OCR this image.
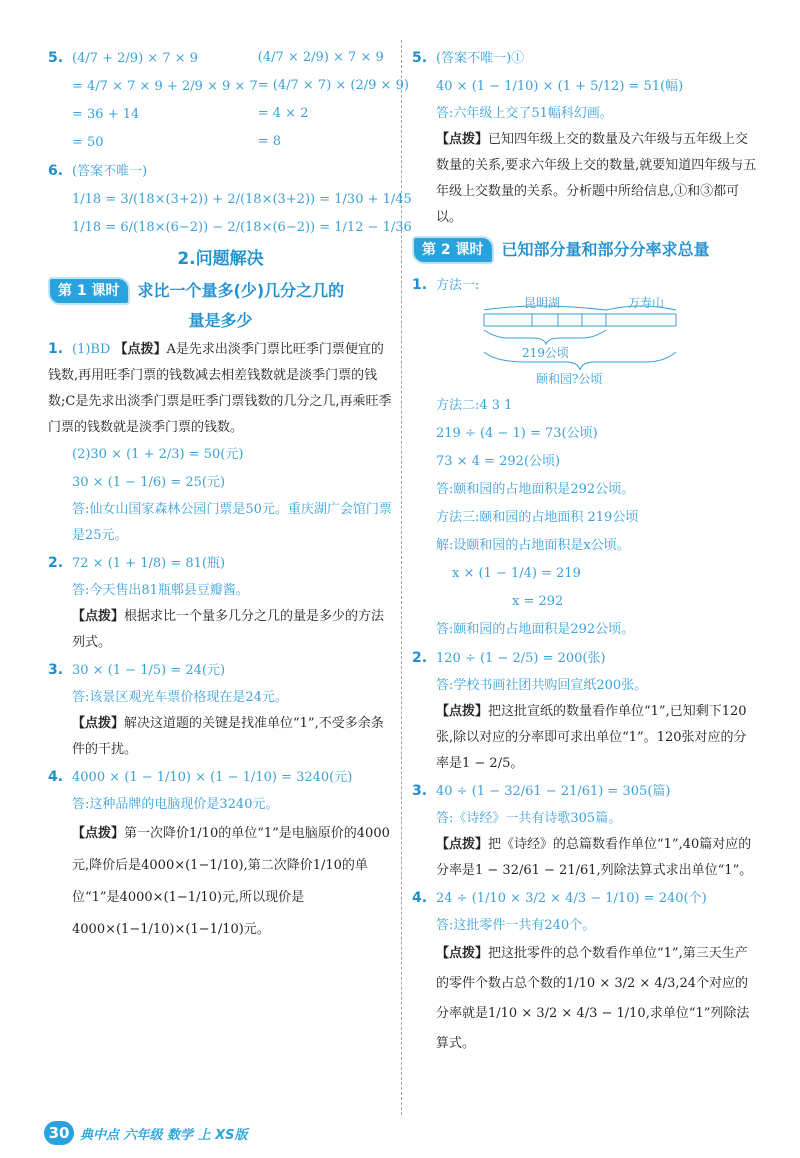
5. (4/7 + 2/9) × 7 × 9
= 4/7 × 7 × 9 + 2/9 × 9 × 7
= 36 + 14
= 50
(4/7 × 2/9) × 7 × 9
= (4/7 × 7) × (2/9 × 9)
= 4 × 2
= 8
6. (答案不唯一)
1/18 = 3/(18×(3+2)) + 2/(18×(3+2)) = 1/30 + 1/45
1/18 = 6/(18×(6−2)) − 2/(18×(6−2)) = 1/12 − 1/36
2.问题解决
第 1 课时	求比一个量多(少)几分之几的
量是多少
1. (1)BD 【点拨】A是先求出淡季门票比旺季门票便宜的钱数,再用旺季门票的钱数减去相差钱数就是淡季门票的钱数;C是先求出淡季门票是旺季门票钱数的几分之几,再乘旺季门票的钱数就是淡季门票的钱数。
(2)30 × (1 + 2/3) = 50(元)
30 × (1 − 1/6) = 25(元)
答:仙女山国家森林公园门票是50元。重庆湖广会馆门票是25元。
2. 72 × (1 + 1/8) = 81(瓶)
答:今天售出81瓶郫县豆瓣酱。
【点拨】根据求比一个量多几分之几的量是多少的方法列式。
3. 30 × (1 − 1/5) = 24(元)
答:该景区观光车票价格现在是24元。
【点拨】解决这道题的关键是找准单位“1”,不受多余条件的干扰。
4. 4000 × (1 − 1/10) × (1 − 1/10) = 3240(元)
答:这种品牌的电脑现价是3240元。
【点拨】第一次降价1/10的单位“1”是电脑原价的4000元,降价后是4000×(1−1/10),第二次降价1/10的单位“1”是4000×(1−1/10)元,所以现价是4000×(1−1/10)×(1−1/10)元。
5. (答案不唯一)①
40 × (1 − 1/10) × (1 + 5/12) = 51(幅)
答:六年级上交了51幅科幻画。
【点拨】已知四年级上交的数量及六年级与五年级上交数量的关系,要求六年级上交的数量,就要知道四年级与五年级上交数量的关系。分析题中所给信息,①和③都可以。
第 2 课时	已知部分量和部分分率求总量
1. 方法一:
昆明湖	万寿山
219公顷
颐和园?公顷
方法二:4 3 1
219 ÷ (4 − 1) = 73(公顷)
73 × 4 = 292(公顷)
答:颐和园的占地面积是292公顷。
方法三:颐和园的占地面积 219公顷
解:设颐和园的占地面积是x公顷。
x × (1 − 1/4) = 219
x = 292
答:颐和园的占地面积是292公顷。
2. 120 ÷ (1 − 2/5) = 200(张)
答:学校书画社团共购回宣纸200张。
【点拨】把这批宣纸的数量看作单位“1”,已知剩下120张,除以对应的分率即可求出单位“1”。120张对应的分率是1 − 2/5。
3. 40 ÷ (1 − 32/61 − 21/61) = 305(篇)
答:《诗经》一共有诗歌305篇。
【点拨】把《诗经》的总篇数看作单位“1”,40篇对应的分率是1 − 32/61 − 21/61,列除法算式求出单位“1”。
4. 24 ÷ (1/10 × 3/2 × 4/3 − 1/10) = 240(个)
答:这批零件一共有240个。
【点拨】把这批零件的总个数看作单位“1”,第三天生产的零件个数占总个数的1/10 × 3/2 × 4/3,24个对应的分率就是1/10 × 3/2 × 4/3 − 1/10,求单位“1”列除法算式。
30 典中点 六年级 数学 上 XS版
